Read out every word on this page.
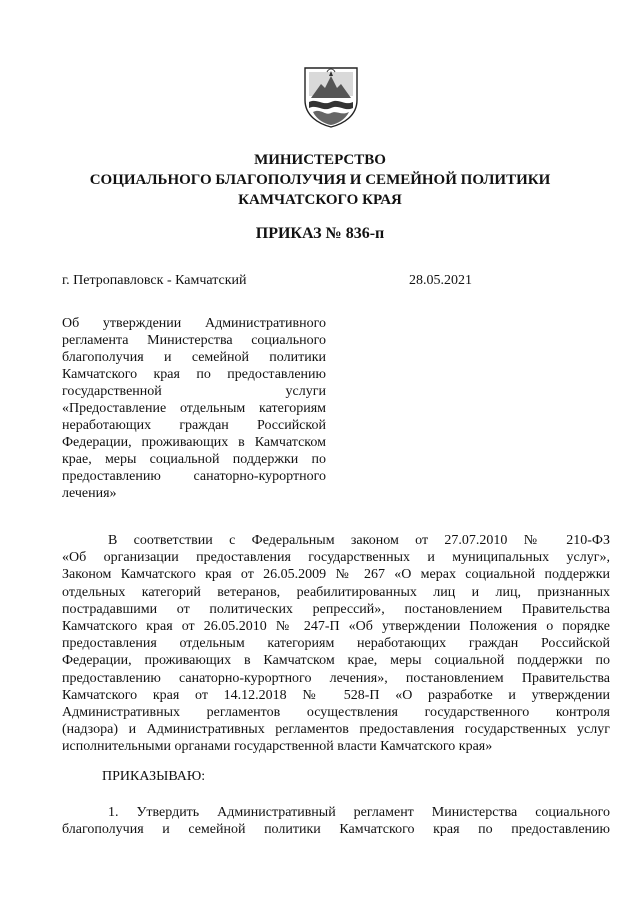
МИНИСТЕРСТВО
СОЦИАЛЬНОГО БЛАГОПОЛУЧИЯ И СЕМЕЙНОЙ ПОЛИТИКИ
КАМЧАТСКОГО КРАЯ
ПРИКАЗ № 836-п
г. Петропавловск - Камчатский	28.05.2021
Об утверждении Административного
регламента Министерства социального
благополучия и семейной политики
Камчатского края по предоставлению
государственной услуги
«Предоставление отдельным категориям
неработающих граждан Российской
Федерации, проживающих в Камчатском
крае, меры социальной поддержки по
предоставлению санаторно-курортного
лечения»
В соответствии с Федеральным законом от 27.07.2010 № 210-ФЗ
«Об организации предоставления государственных и муниципальных услуг»,
Законом Камчатского края от 26.05.2009 № 267 «О мерах социальной поддержки
отдельных категорий ветеранов, реабилитированных лиц и лиц, признанных
пострадавшими от политических репрессий», постановлением Правительства
Камчатского края от 26.05.2010 № 247-П «Об утверждении Положения о порядке
предоставления отдельным категориям неработающих граждан Российской
Федерации, проживающих в Камчатском крае, меры социальной поддержки по
предоставлению санаторно-курортного лечения», постановлением Правительства
Камчатского края от 14.12.2018 № 528-П «О разработке и утверждении
Административных регламентов осуществления государственного контроля
(надзора) и Административных регламентов предоставления государственных услуг
исполнительными органами государственной власти Камчатского края»
ПРИКАЗЫВАЮ:
1. Утвердить Административный регламент Министерства социального
благополучия и семейной политики Камчатского края по предоставлению
